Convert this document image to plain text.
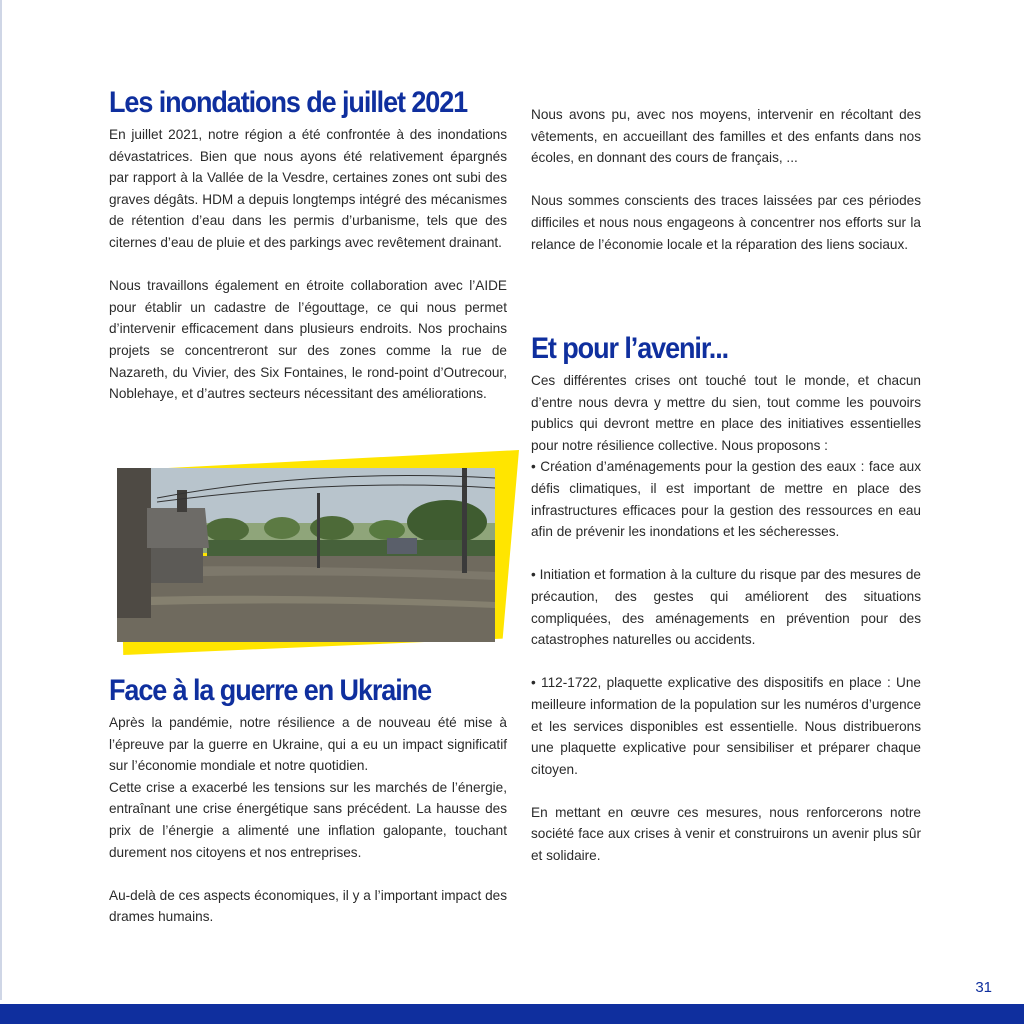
Les inondations de juillet 2021

En juillet 2021, notre région a été confrontée à des inondations dévastatrices. Bien que nous ayons été relativement épargnés par rapport à la Vallée de la Vesdre, certaines zones ont subi des graves dégâts. HDM a depuis longtemps intégré des mécanismes de rétention d’eau dans les permis d’urbanisme, tels que des citernes d’eau de pluie et des parkings avec revêtement drainant.

Nous travaillons également en étroite collaboration avec l’AIDE pour établir un cadastre de l’égouttage, ce qui nous permet d’intervenir efficacement dans plusieurs endroits. Nos prochains projets se concentreront sur des zones comme la rue de Nazareth, du Vivier, des Six Fontaines, le rond-point d’Outrecour, Noblehaye, et d’autres secteurs nécessitant des améliorations.

Face à la guerre en Ukraine

Après la pandémie, notre résilience a de nouveau été mise à l’épreuve par la guerre en Ukraine, qui a eu un impact significatif sur l’économie mondiale et notre quotidien.

Cette crise a exacerbé les tensions sur les marchés de l’énergie, entraînant une crise énergétique sans précédent. La hausse des prix de l’énergie a alimenté une inflation galopante, touchant durement nos citoyens et nos entreprises.

Au-delà de ces aspects économiques, il y a l’important impact des drames humains.

Nous avons pu, avec nos moyens, intervenir en récoltant des vêtements, en accueillant des familles et des enfants dans nos écoles, en donnant des cours de français, ...

Nous sommes conscients des traces laissées par ces périodes difficiles et nous nous engageons à concentrer nos efforts sur la relance de l’économie locale et la réparation des liens sociaux.

Et pour l’avenir...

Ces différentes crises ont touché tout le monde, et chacun d’entre nous devra y mettre du sien, tout comme les pouvoirs publics qui devront mettre en place des initiatives essentielles pour notre résilience collective. Nous proposons :

• Création d’aménagements pour la gestion des eaux : face aux défis climatiques, il est important de mettre en place des infrastructures efficaces pour la gestion des ressources en eau afin de prévenir les inondations et les sécheresses.

• Initiation et formation à la culture du risque par des mesures de précaution, des gestes qui améliorent des situations compliquées, des aménagements en prévention pour des catastrophes naturelles ou accidents.

• 112-1722, plaquette explicative des dispositifs en place : Une meilleure information de la population sur les numéros d’urgence et les services disponibles est essentielle. Nous distribuerons une plaquette explicative pour sensibiliser et préparer chaque citoyen.

En mettant en œuvre ces mesures, nous renforcerons notre société face aux crises à venir et construirons un avenir plus sûr et solidaire.

31
